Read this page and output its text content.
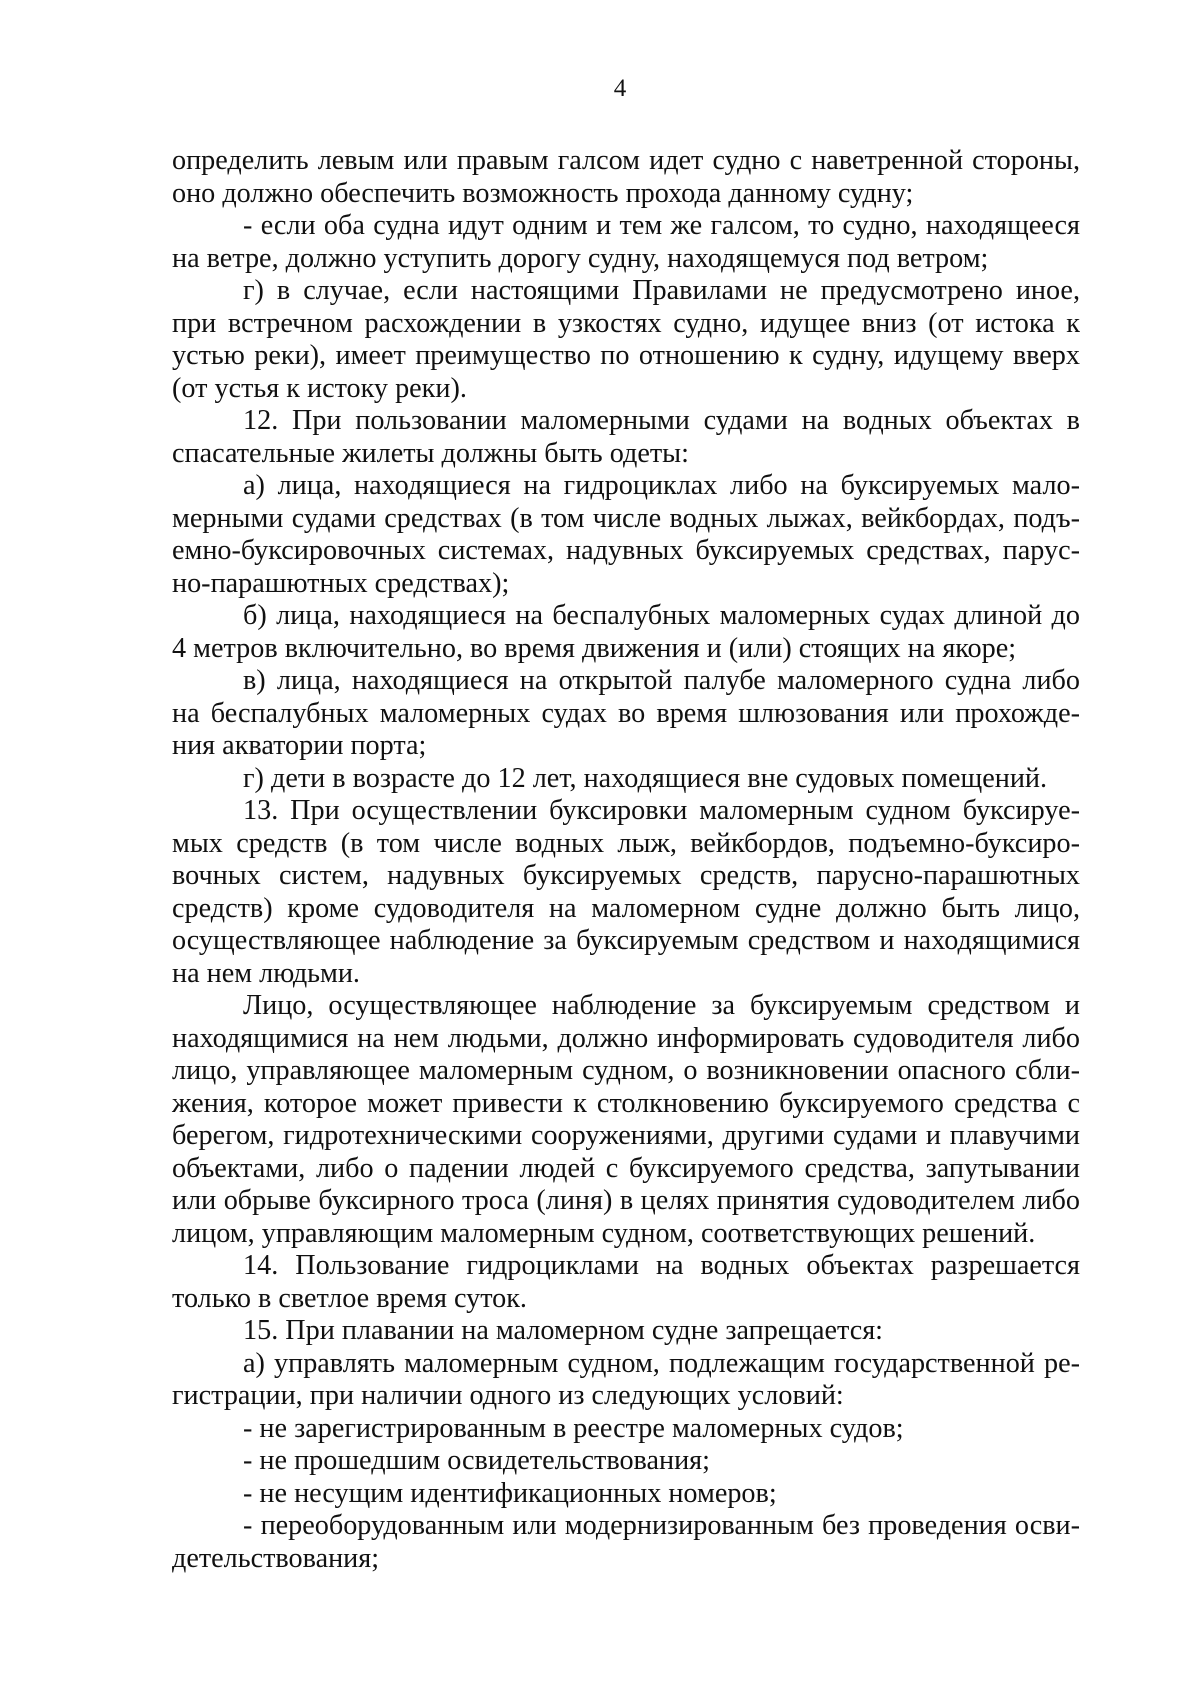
4

определить левым или правым галсом идет судно с наветренной стороны, оно должно обеспечить возможность прохода данному судну;

- если оба судна идут одним и тем же галсом, то судно, находящееся на ветре, должно уступить дорогу судну, находящемуся под ветром;

г) в случае, если настоящими Правилами не предусмотрено иное, при встречном расхождении в узкостях судно, идущее вниз (от истока к устью реки), имеет преимущество по отношению к судну, идущему вверх (от устья к истоку реки).

12. При пользовании маломерными судами на водных объектах в спасательные жилеты должны быть одеты:

а) лица, находящиеся на гидроциклах либо на буксируемых маломерными судами средствах (в том числе водных лыжах, вейкбордах, подъемно-буксировочных системах, надувных буксируемых средствах, парусно-парашютных средствах);

б) лица, находящиеся на беспалубных маломерных судах длиной до 4 метров включительно, во время движения и (или) стоящих на якоре;

в) лица, находящиеся на открытой палубе маломерного судна либо на беспалубных маломерных судах во время шлюзования или прохождения акватории порта;

г) дети в возрасте до 12 лет, находящиеся вне судовых помещений.

13. При осуществлении буксировки маломерным судном буксируемых средств (в том числе водных лыж, вейкбордов, подъемно-буксировочных систем, надувных буксируемых средств, парусно-парашютных средств) кроме судоводителя на маломерном судне должно быть лицо, осуществляющее наблюдение за буксируемым средством и находящимися на нем людьми.

Лицо, осуществляющее наблюдение за буксируемым средством и находящимися на нем людьми, должно информировать судоводителя либо лицо, управляющее маломерным судном, о возникновении опасного сближения, которое может привести к столкновению буксируемого средства с берегом, гидротехническими сооружениями, другими судами и плавучими объектами, либо о падении людей с буксируемого средства, запутывании или обрыве буксирного троса (линя) в целях принятия судоводителем либо лицом, управляющим маломерным судном, соответствующих решений.

14. Пользование гидроциклами на водных объектах разрешается только в светлое время суток.

15. При плавании на маломерном судне запрещается:

а) управлять маломерным судном, подлежащим государственной регистрации, при наличии одного из следующих условий:

- не зарегистрированным в реестре маломерных судов;

- не прошедшим освидетельствования;

- не несущим идентификационных номеров;

- переоборудованным или модернизированным без проведения освидетельствования;
